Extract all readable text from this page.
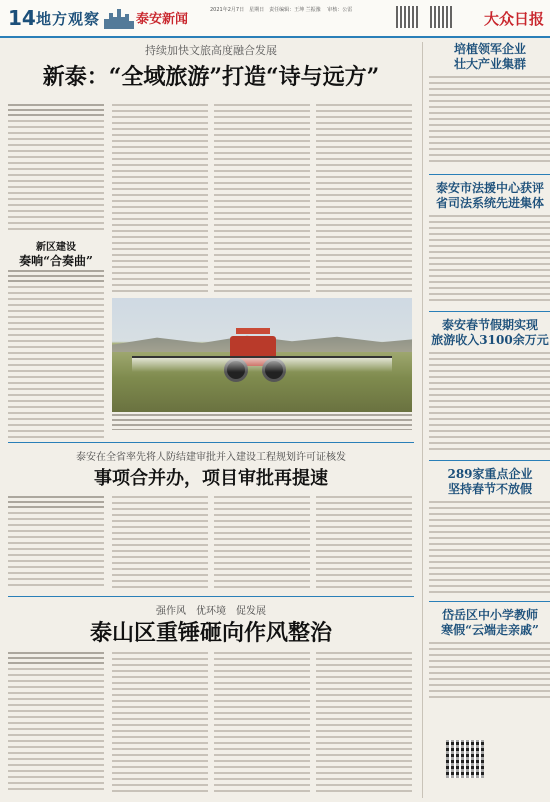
14 地方观察	泰安新闻
2021年2月7日　星期日　责任编辑：王坤 兰振豫 　审核：公雷	大众日报

持续加快文旅高度融合发展

新泰：“全域旅游”打造“诗与远方”

新区建设
奏响“合奏曲”
泰安在全省率先将人防结建审批并入建设工程规划许可证核发
事项合并办，项目审批再提速
强作风　优环境　促发展
泰山区重锤砸向作风整治
培植领军企业
壮大产业集群
泰安市法援中心获评
省司法系统先进集体
泰安春节假期实现
旅游收入3100余万元
289家重点企业
坚持春节不放假
岱岳区中小学教师
寒假“云端走亲戚”
